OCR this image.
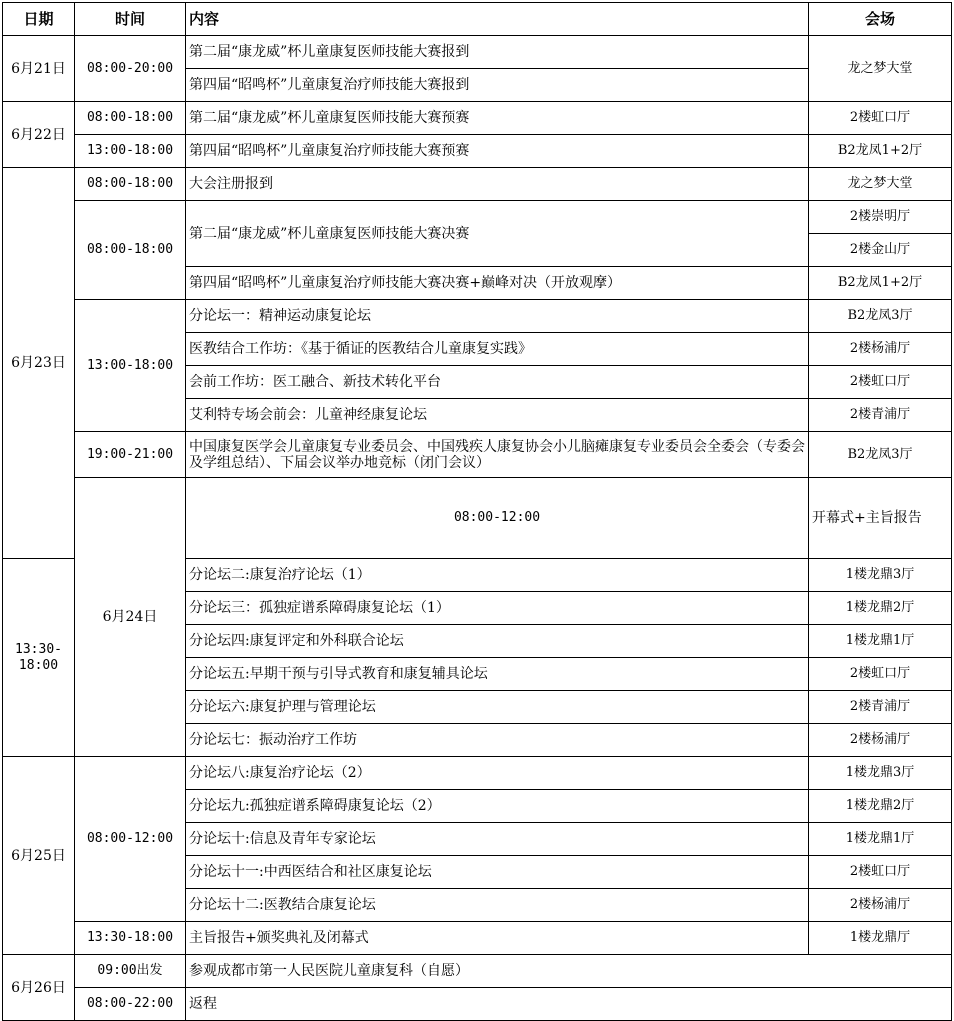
日期	时间	内容	会场	
6月21日	08:00-20:00	第二届“康龙威”杯儿童康复医师技能大赛报到	龙之梦大堂	
		第四届“昭鸣杯”儿童康复治疗师技能大赛报到		
6月22日	08:00-18:00	第二届“康龙威”杯儿童康复医师技能大赛预赛	2楼虹口厅	
	13:00-18:00	第四届“昭鸣杯”儿童康复治疗师技能大赛预赛	B2龙凤1+2厅	
6月23日	08:00-18:00	大会注册报到	龙之梦大堂	
	08:00-18:00	第二届“康龙威”杯儿童康复医师技能大赛决赛	2楼崇明厅	
			2楼金山厅	
		第四届“昭鸣杯”儿童康复治疗师技能大赛决赛+巅峰对决（开放观摩）	B2龙凤1+2厅	
	13:00-18:00	分论坛一：精神运动康复论坛	B2龙凤3厅	
		医教结合工作坊：《基于循证的医教结合儿童康复实践》	2楼杨浦厅	
		会前工作坊：医工融合、新技术转化平台	2楼虹口厅	
		艾利特专场会前会：儿童神经康复论坛	2楼青浦厅	
	19:00-21:00	中国康复医学会儿童康复专业委员会、中国残疾人康复协会小儿脑瘫康复专业委员会全委会（专委会及学组总结）、下届会议举办地竞标（闭门会议）	B2龙凤3厅	
	6月24日	08:00-12:00	开幕式+主旨报告	
13:30-18:00		分论坛二:康复治疗论坛（1）	1楼龙鼎3厅	
		分论坛三：孤独症谱系障碍康复论坛（1）	1楼龙鼎2厅	
		分论坛四:康复评定和外科联合论坛	1楼龙鼎1厅	
		分论坛五:早期干预与引导式教育和康复辅具论坛	2楼虹口厅	
		分论坛六:康复护理与管理论坛	2楼青浦厅	
		分论坛七：振动治疗工作坊	2楼杨浦厅	
6月25日	08:00-12:00	分论坛八:康复治疗论坛（2）	1楼龙鼎3厅	
		分论坛九:孤独症谱系障碍康复论坛（2）	1楼龙鼎2厅	
		分论坛十:信息及青年专家论坛	1楼龙鼎1厅	
		分论坛十一:中西医结合和社区康复论坛	2楼虹口厅	
		分论坛十二:医教结合康复论坛	2楼杨浦厅	
	13:30-18:00	主旨报告+颁奖典礼及闭幕式	1楼龙鼎厅	
6月26日	09:00出发	参观成都市第一人民医院儿童康复科（自愿）		
	08:00-22:00	返程		
